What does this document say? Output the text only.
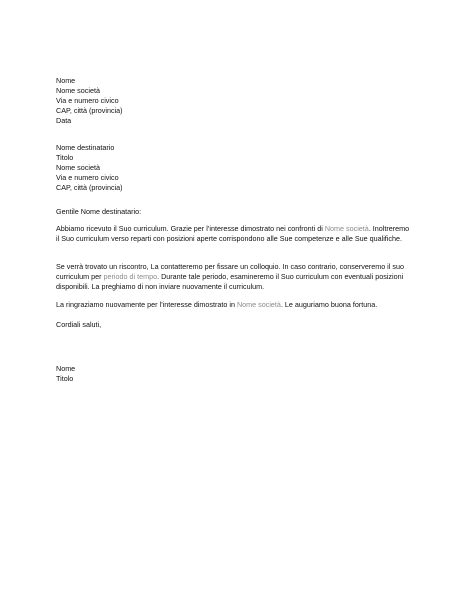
Nome
Nome società
Via e numero civico
CAP, città (provincia)
Data
Nome destinatario
Titolo
Nome società
Via e numero civico
CAP, città (provincia)
Gentile Nome destinatario:
Abbiamo ricevuto il Suo curriculum. Grazie per l’interesse dimostrato nei confronti di Nome società. Inoltreremo il Suo curriculum verso reparti con posizioni aperte corrispondono alle Sue competenze e alle Sue qualifiche.
Se verrà trovato un riscontro, La contatteremo per fissare un colloquio. In caso contrario, conserveremo il suo curriculum per periodo di tempo. Durante tale periodo, esamineremo il Suo curriculum con eventuali posizioni disponibili. La preghiamo di non inviare nuovamente il curriculum.
La ringraziamo nuovamente per l’interesse dimostrato in Nome società. Le auguriamo buona fortuna.
Cordiali saluti,
Nome
Titolo
